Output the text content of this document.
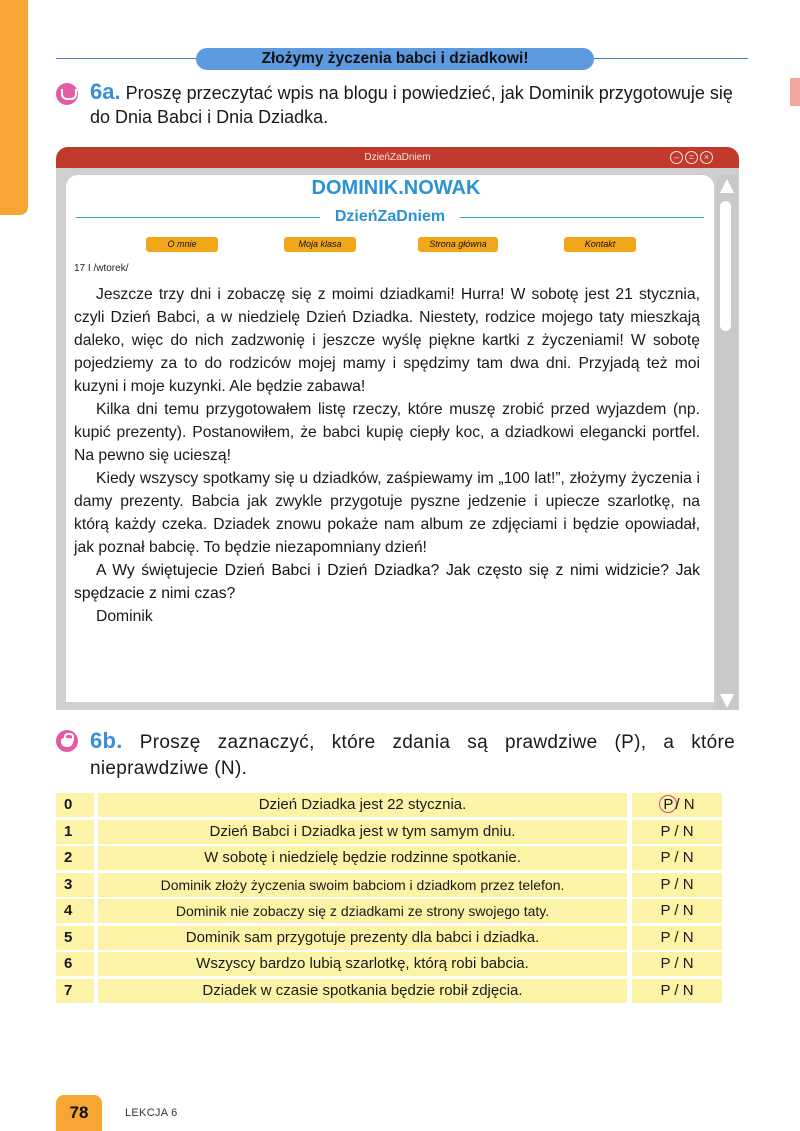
Złożymy życzenia babci i dziadkowi!
6a. Proszę przeczytać wpis na blogu i powiedzieć, jak Dominik przygotowuje się do Dnia Babci i Dnia Dziadka.
DzieńZaDniem	–	=	×
DOMINIK.NOWAK
DzieńZaDniem
O mnie	Moja klasa	Strona główna	Kontakt
17 I /wtorek/

Jeszcze trzy dni i zobaczę się z moimi dziadkami! Hurra! W sobotę jest 21 stycznia, czyli Dzień Babci, a w niedzielę Dzień Dziadka. Niestety, rodzice mojego taty mieszkają daleko, więc do nich zadzwonię i jeszcze wyślę piękne kartki z życzeniami! W sobotę pojedziemy za to do rodziców mojej mamy i spędzimy tam dwa dni. Przyjadą też moi kuzyni i moje kuzynki. Ale będzie zabawa!

Kilka dni temu przygotowałem listę rzeczy, które muszę zrobić przed wyjazdem (np. kupić prezenty). Postanowiłem, że babci kupię ciepły koc, a dziadkowi elegancki portfel. Na pewno się ucieszą!

Kiedy wszyscy spotkamy się u dziadków, zaśpiewamy im „100 lat!”, złożymy życzenia i damy prezenty. Babcia jak zwykle przygotuje pyszne jedzenie i upiecze szarlotkę, na którą każdy czeka. Dziadek znowu pokaże nam album ze zdjęciami i będzie opowiadał, jak poznał babcię. To będzie niezapomniany dzień!

A Wy świętujecie Dzień Babci i Dzień Dziadka? Jak często się z nimi widzicie? Jak spędzacie z nimi czas?

Dominik

6b. Proszę zaznaczyć, które zdania są prawdziwe (P), a które nieprawdziwe (N).
0	Dzień Dziadka jest 22 stycznia.	P / N
1	Dzień Babci i Dziadka jest w tym samym dniu.	P / N
2	W sobotę i niedzielę będzie rodzinne spotkanie.	P / N
3	Dominik złoży życzenia swoim babciom i dziadkom przez telefon.	P / N
4	Dominik nie zobaczy się z dziadkami ze strony swojego taty.	P / N
5	Dominik sam przygotuje prezenty dla babci i dziadka.	P / N
6	Wszyscy bardzo lubią szarlotkę, którą robi babcia.	P / N
7	Dziadek w czasie spotkania będzie robił zdjęcia.	P / N
78	LEKCJA 6
